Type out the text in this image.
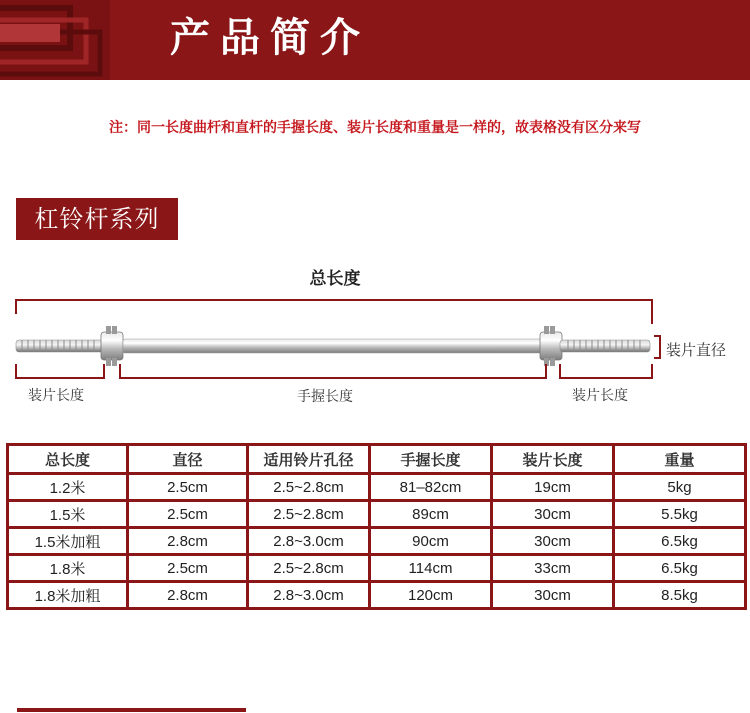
产品简介
注：同一长度曲杆和直杆的手握长度、装片长度和重量是一样的，故表格没有区分来写
杠铃杆系列
总长度
装片长度	手握长度	装片长度
装片直径
总长度	直径	适用铃片孔径	手握长度	装片长度	重量
1.2米	2.5cm	2.5~2.8cm	81–82cm	19cm	5kg
1.5米	2.5cm	2.5~2.8cm	89cm	30cm	5.5kg
1.5米加粗	2.8cm	2.8~3.0cm	90cm	30cm	6.5kg
1.8米	2.5cm	2.5~2.8cm	114cm	33cm	6.5kg
1.8米加粗	2.8cm	2.8~3.0cm	120cm	30cm	8.5kg
